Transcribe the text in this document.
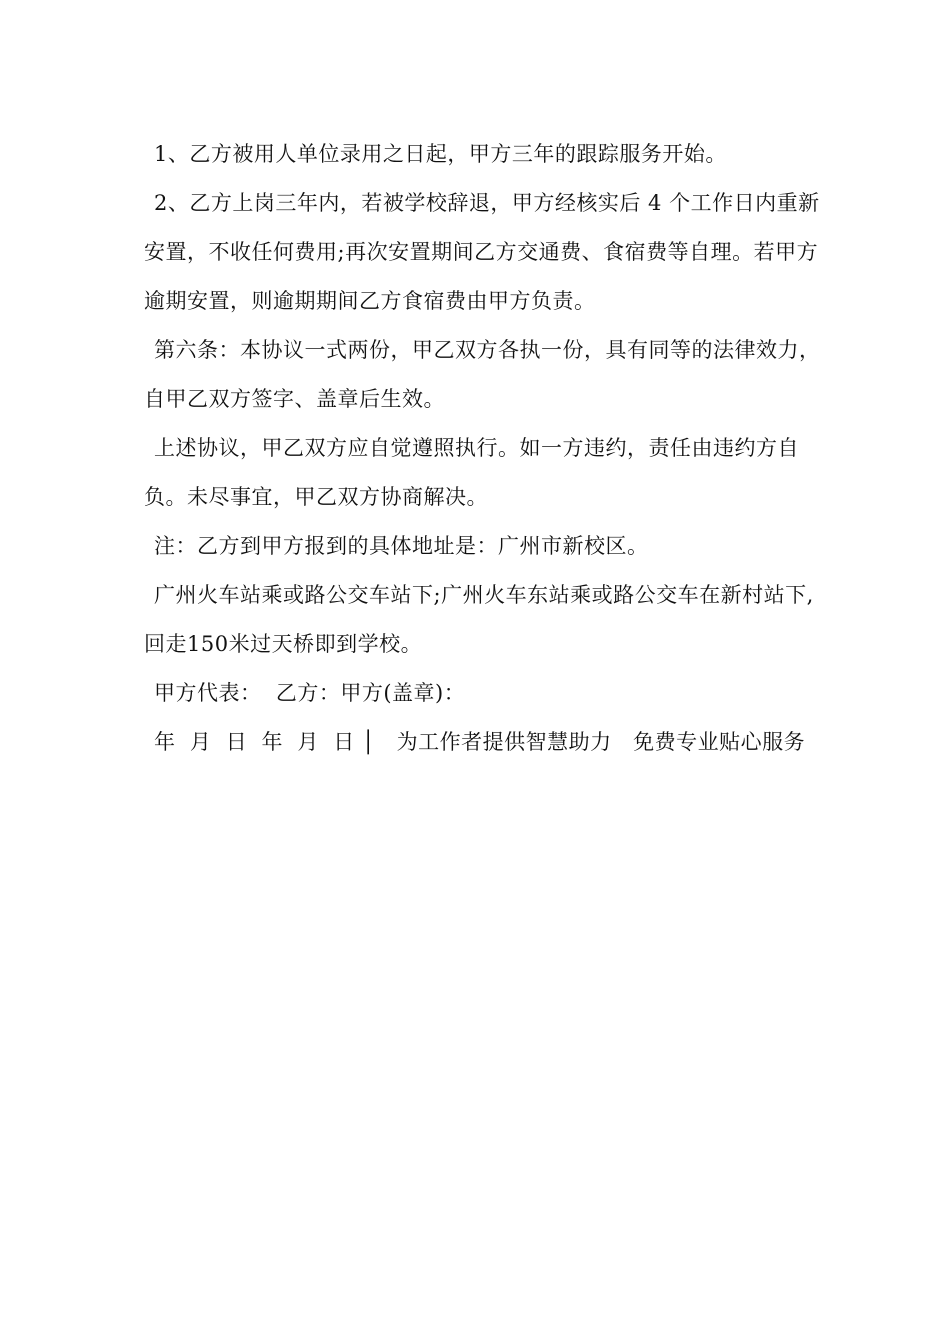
1、乙方被用人单位录用之日起，甲方三年的跟踪服务开始。

2、乙方上岗三年内，若被学校辞退，甲方经核实后 4 个工作日内重新安置，不收任何费用;再次安置期间乙方交通费、食宿费等自理。若甲方逾期安置，则逾期期间乙方食宿费由甲方负责。

第六条：本协议一式两份，甲乙双方各执一份，具有同等的法律效力，自甲乙双方签字、盖章后生效。

上述协议，甲乙双方应自觉遵照执行。如一方违约，责任由违约方自负。未尽事宜，甲乙双方协商解决。

注：乙方到甲方报到的具体地址是：广州市新校区。

广州火车站乘或路公交车站下;广州火车东站乘或路公交车在新村站下,回走150米过天桥即到学校。

甲方代表：  乙方：甲方(盖章)：

年  月  日  年  月  日 │   为工作者提供智慧助力   免费专业贴心服务
